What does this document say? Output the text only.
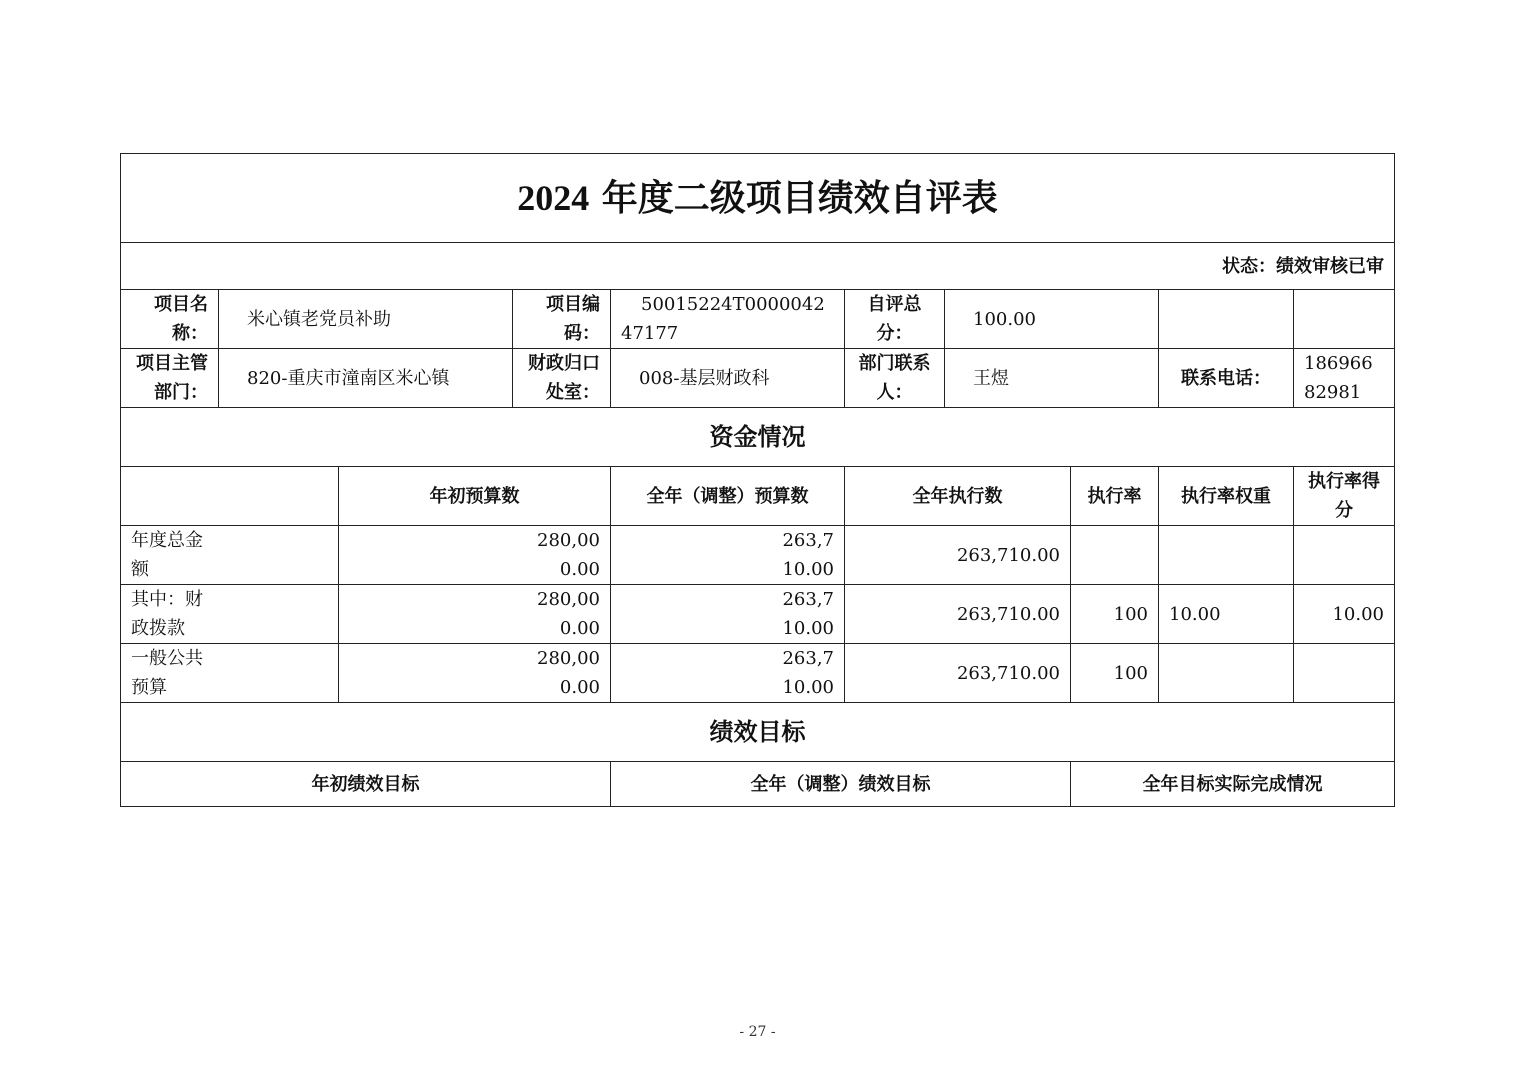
2024 年度二级项目绩效自评表									
状态：绩效审核已审									
项目名称：	米心镇老党员补助		项目编码：	50015224T000004247177	自评总分：	100.00			
项目主管部门：	820-重庆市潼南区米心镇		财政归口处室：	008-基层财政科	部门联系人：	王煜		联系电话：	18696682981
资金情况									
		年初预算数		全年（调整）预算数	全年执行数		执行率	执行率权重	执行率得分

年度总金额		280,000.00		263,710.00	263,710.00				

其中：财政拨款		280,000.00		263,710.00	263,710.00		100	10.00	10.00

一般公共预算		280,000.00		263,710.00	263,710.00		100		
绩效目标									
年初绩效目标				全年（调整）绩效目标			全年目标实际完成情况		
- 27 -
